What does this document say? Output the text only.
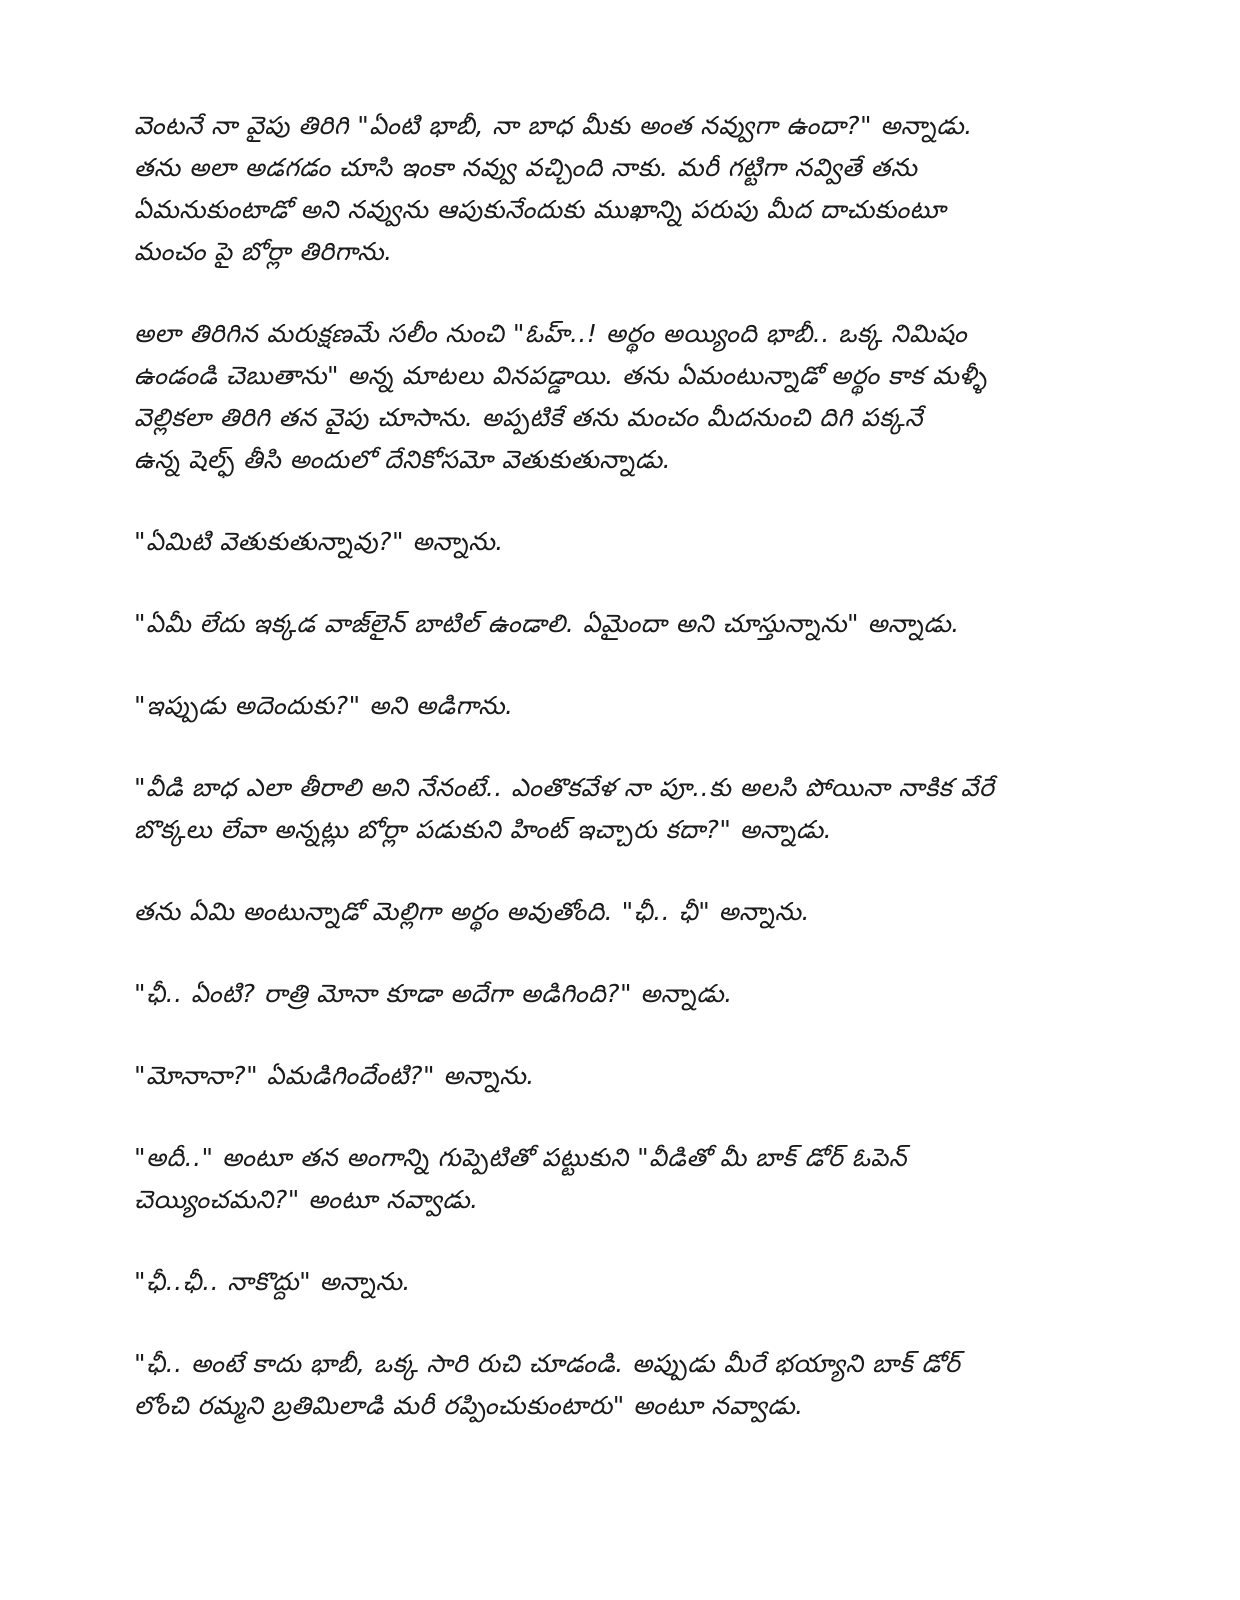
వెంటనే నా వైపు తిరిగి "ఏంటి భాబీ, నా బాధ మీకు అంత నవ్వుగా ఉందా?" అన్నాడు.
తను అలా అడగడం చూసి ఇంకా నవ్వు వచ్చింది నాకు. మరీ గట్టిగా నవ్వితే తను
ఏమనుకుంటాడో అని నవ్వును ఆపుకునేందుకు ముఖాన్ని పరుపు మీద దాచుకుంటూ
మంచం పై బోర్లా తిరిగాను.

అలా తిరిగిన మరుక్షణమే సలీం నుంచి "ఓహ్..! అర్థం అయ్యింది భాబీ.. ఒక్క నిమిషం
ఉండండి చెబుతాను" అన్న మాటలు వినపడ్డాయి. తను ఏమంటున్నాడో అర్థం కాక మళ్ళీ
వెల్లికలా తిరిగి తన వైపు చూసాను. అప్పటికే తను మంచం మీదనుంచి దిగి పక్కనే
ఉన్న షెల్ఫ్ తీసి అందులో దేనికోసమో వెతుకుతున్నాడు.

"ఏమిటి వెతుకుతున్నావు?" అన్నాను.

"ఏమీ లేదు ఇక్కడ వాజ్‌లైన్ బాటిల్ ఉండాలి. ఏమైందా అని చూస్తున్నాను" అన్నాడు.

"ఇప్పుడు అదెందుకు?" అని అడిగాను.

"వీడి బాధ ఎలా తీరాలి అని నేనంటే.. ఎంతొకవేళ నా పూ..కు అలసి పోయినా నాకిక వేరే
బొక్కలు లేవా అన్నట్లు బోర్లా పడుకుని హింట్ ఇచ్చారు కదా?" అన్నాడు.

తను ఏమి అంటున్నాడో మెల్లిగా అర్థం అవుతోంది. "ఛీ.. ఛీ" అన్నాను.

"ఛీ.. ఏంటి? రాత్రి మోనా కూడా అదేగా అడిగింది?" అన్నాడు.

"మోనానా?" ఏమడిగిందేంటి?" అన్నాను.

"అదీ.." అంటూ తన అంగాన్ని గుప్పెటితో పట్టుకుని "వీడితో మీ బాక్ డోర్ ఓపెన్
చెయ్యించమని?" అంటూ నవ్వాడు.

"ఛీ..ఛీ.. నాకొద్దు" అన్నాను.

"ఛీ.. అంటే కాదు భాబీ, ఒక్క సారి రుచి చూడండి. అప్పుడు మీరే భయ్యాని బాక్ డోర్
లోంచి రమ్మని బ్రతిమిలాడి మరీ రప్పించుకుంటారు" అంటూ నవ్వాడు.
